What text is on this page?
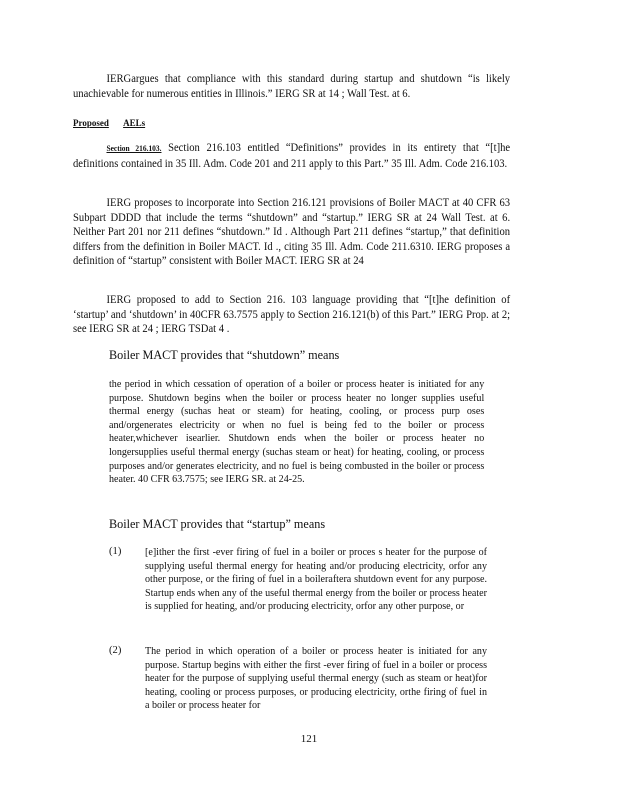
IERGargues that compliance with this standard during startup and shutdown “is likely unachievable for numerous entities in Illinois.” IERG SR at 14 ; Wall Test. at 6.

Proposed AELs

Section 216.103. Section 216.103 entitled “Definitions” provides in its entirety that “[t]he definitions contained in 35 Ill. Adm. Code 201 and 211 apply to this Part.” 35 Ill. Adm. Code 216.103.

IERG proposes to incorporate into Section 216.121 provisions of Boiler MACT at 40 CFR 63 Subpart DDDD that include the terms “shutdown” and “startup.” IERG SR at 24 Wall Test. at 6. Neither Part 201 nor 211 defines “shutdown.” Id . Although Part 211 defines “startup,” that definition differs from the definition in Boiler MACT. Id ., citing 35 Ill. Adm. Code 211.6310. IERG proposes a definition of “startup” consistent with Boiler MACT. IERG SR at 24

IERG proposed to add to Section 216. 103 language providing that “[t]he definition of ‘startup’ and ‘shutdown’ in 40CFR 63.7575 apply to Section 216.121(b) of this Part.” IERG Prop. at 2; see IERG SR at 24 ; IERG TSDat 4 .

Boiler MACT provides that “shutdown” means

the period in which cessation of operation of a boiler or process heater is initiated for any purpose. Shutdown begins when the boiler or process heater no longer supplies useful thermal energy (suchas heat or steam) for heating, cooling, or process purp oses and/orgenerates electricity or when no fuel is being fed to the boiler or process heater,whichever isearlier. Shutdown ends when the boiler or process heater no longersupplies useful thermal energy (suchas steam or heat) for heating, cooling, or process purposes and/or generates electricity, and no fuel is being combusted in the boiler or process heater. 40 CFR 63.7575; see IERG SR. at 24-25.

Boiler MACT provides that “startup” means

(1) [e]ither the first -ever firing of fuel in a boiler or proces s heater for the purpose of supplying useful thermal energy for heating and/or producing electricity, orfor any other purpose, or the firing of fuel in a boileraftera shutdown event for any purpose. Startup ends when any of the useful thermal energy from the boiler or process heater is supplied for heating, and/or producing electricity, orfor any other purpose, or

(2) The period in which operation of a boiler or process heater is initiated for any purpose. Startup begins with either the first -ever firing of fuel in a boiler or process heater for the purpose of supplying useful thermal energy (such as steam or heat)for heating, cooling or process purposes, or producing electricity, orthe firing of fuel in a boiler or process heater for

121
